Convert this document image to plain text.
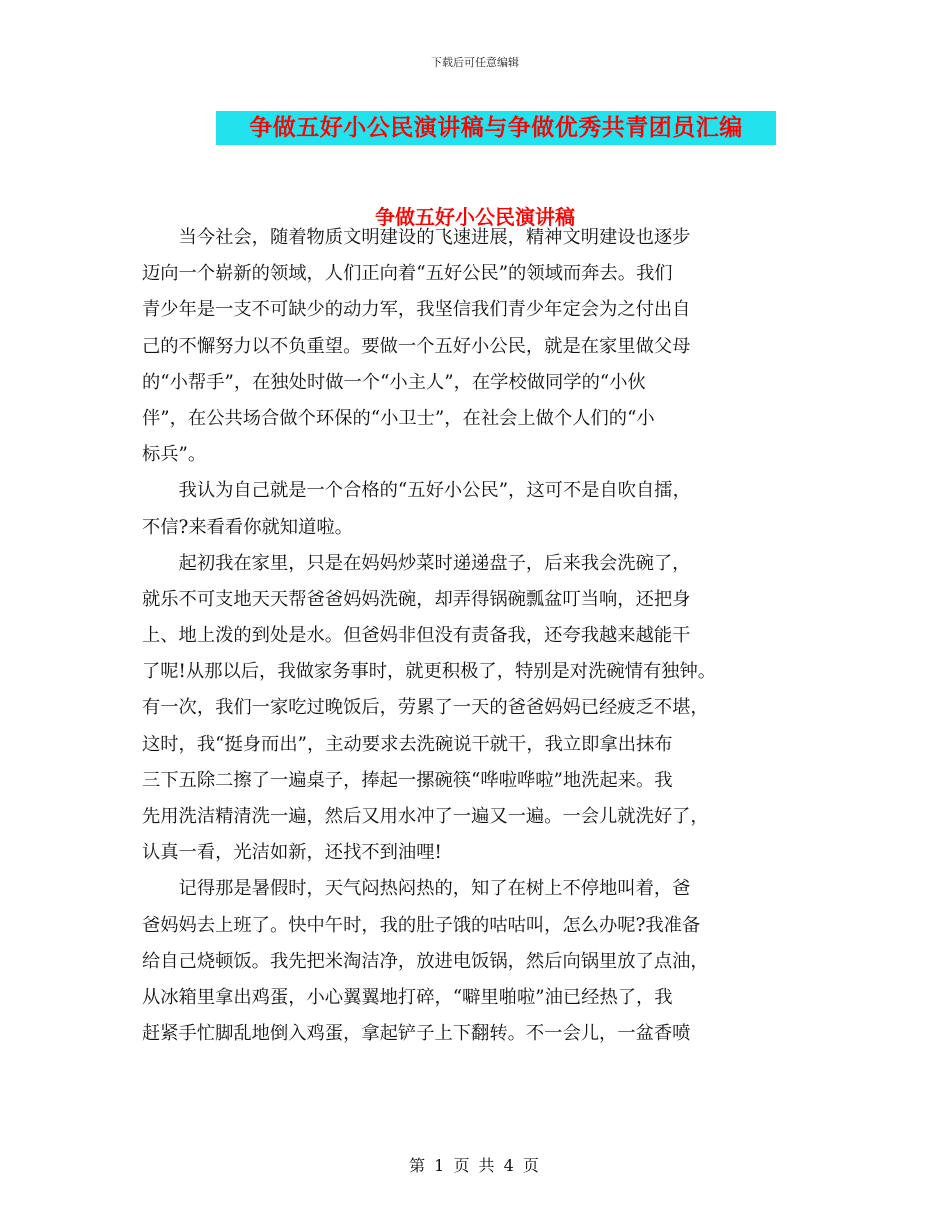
下载后可任意编辑
争做五好小公民演讲稿与争做优秀共青团员汇编
争做五好小公民演讲稿
　　当今社会，随着物质文明建设的飞速进展，精神文明建设也逐步
迈向一个崭新的领域，人们正向着“五好公民”的领域而奔去。我们
青少年是一支不可缺少的动力军，我坚信我们青少年定会为之付出自
己的不懈努力以不负重望。要做一个五好小公民，就是在家里做父母
的“小帮手”，在独处时做一个“小主人”，在学校做同学的“小伙
伴”，在公共场合做个环保的“小卫士”，在社会上做个人们的“小
标兵”。
　　我认为自己就是一个合格的“五好小公民”，这可不是自吹自擂，
不信?来看看你就知道啦。
　　起初我在家里，只是在妈妈炒菜时递递盘子，后来我会洗碗了，
就乐不可支地天天帮爸爸妈妈洗碗，却弄得锅碗瓢盆叮当响，还把身
上、地上泼的到处是水。但爸妈非但没有责备我，还夸我越来越能干
了呢!从那以后，我做家务事时，就更积极了，特别是对洗碗情有独钟。
有一次，我们一家吃过晚饭后，劳累了一天的爸爸妈妈已经疲乏不堪，
这时，我“挺身而出”，主动要求去洗碗说干就干，我立即拿出抹布
三下五除二擦了一遍桌子，捧起一摞碗筷“哗啦哗啦”地洗起来。我
先用洗洁精清洗一遍，然后又用水冲了一遍又一遍。一会儿就洗好了，
认真一看，光洁如新，还找不到油哩!
　　记得那是暑假时，天气闷热闷热的，知了在树上不停地叫着，爸
爸妈妈去上班了。快中午时，我的肚子饿的咕咕叫，怎么办呢?我准备
给自己烧顿饭。我先把米淘洁净，放进电饭锅，然后向锅里放了点油，
从冰箱里拿出鸡蛋，小心翼翼地打碎，“噼里啪啦”油已经热了，我
赶紧手忙脚乱地倒入鸡蛋，拿起铲子上下翻转。不一会儿，一盆香喷
第 1 页 共 4 页
